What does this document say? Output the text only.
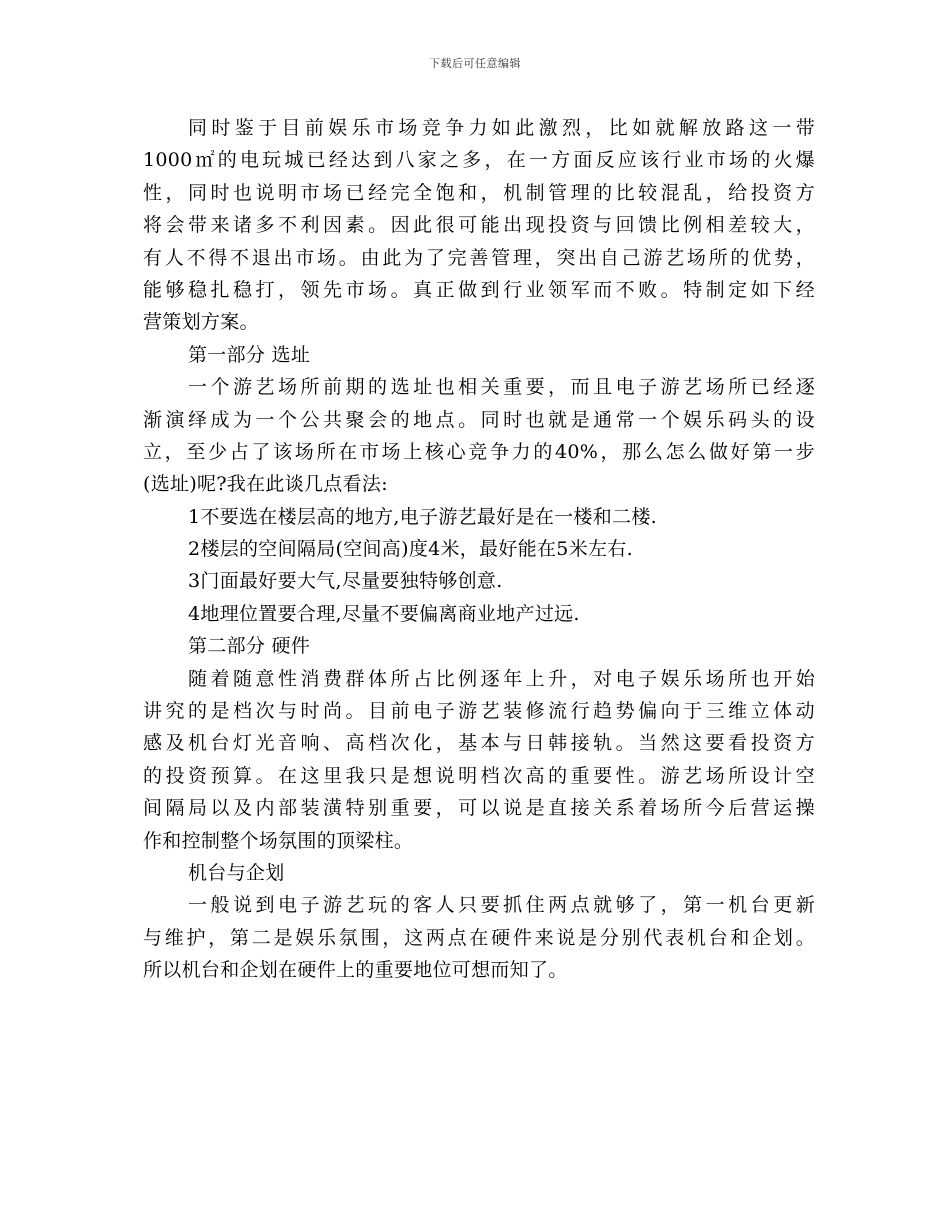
下载后可任意编辑
同时鉴于目前娱乐市场竞争力如此激烈，比如就解放路这一带
1000㎡的电玩城已经达到八家之多，在一方面反应该行业市场的火爆
性，同时也说明市场已经完全饱和，机制管理的比较混乱，给投资方
将会带来诸多不利因素。因此很可能出现投资与回馈比例相差较大，
有人不得不退出市场。由此为了完善管理，突出自己游艺场所的优势，
能够稳扎稳打，领先市场。真正做到行业领军而不败。特制定如下经
营策划方案。
第一部分 选址
一个游艺场所前期的选址也相关重要，而且电子游艺场所已经逐
渐演绎成为一个公共聚会的地点。同时也就是通常一个娱乐码头的设
立，至少占了该场所在市场上核心竞争力的40%，那么怎么做好第一步
(选址)呢?我在此谈几点看法:
1不要选在楼层高的地方,电子游艺最好是在一楼和二楼.
2楼层的空间隔局(空间高)度4米，最好能在5米左右.
3门面最好要大气,尽量要独特够创意.
4地理位置要合理,尽量不要偏离商业地产过远.
第二部分 硬件
随着随意性消费群体所占比例逐年上升，对电子娱乐场所也开始
讲究的是档次与时尚。目前电子游艺装修流行趋势偏向于三维立体动
感及机台灯光音响、高档次化，基本与日韩接轨。当然这要看投资方
的投资预算。在这里我只是想说明档次高的重要性。游艺场所设计空
间隔局以及内部装潢特别重要，可以说是直接关系着场所今后营运操
作和控制整个场氛围的顶梁柱。
机台与企划
一般说到电子游艺玩的客人只要抓住两点就够了，第一机台更新
与维护，第二是娱乐氛围，这两点在硬件来说是分别代表机台和企划。
所以机台和企划在硬件上的重要地位可想而知了。
